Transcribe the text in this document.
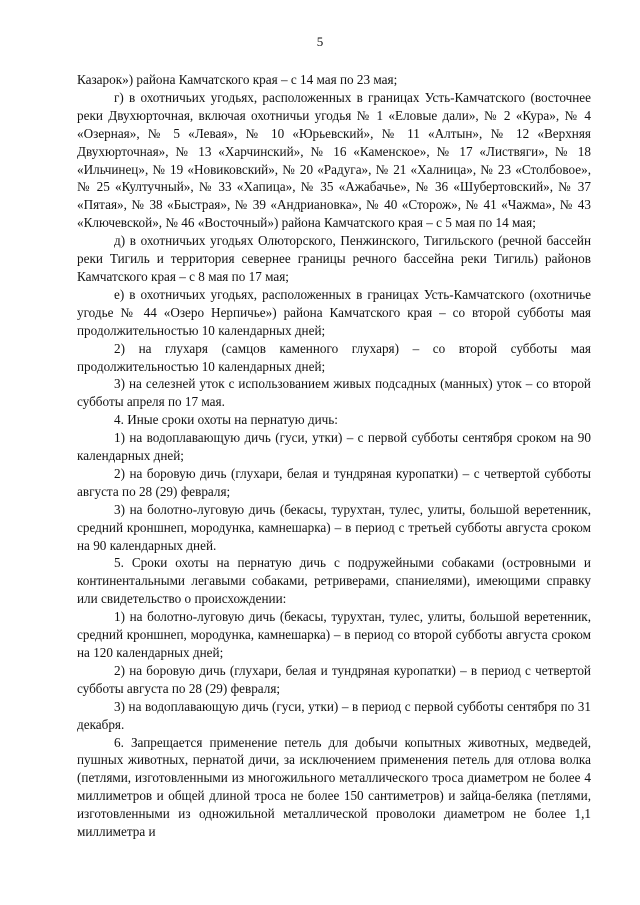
5

Казарок») района Камчатского края – с 14 мая по 23 мая;

г) в охотничьих угодьях, расположенных в границах Усть-Камчатского (восточнее реки Двухюрточная, включая охотничьи угодья № 1 «Еловые дали», № 2 «Кура», № 4 «Озерная», № 5 «Левая», № 10 «Юрьевский», № 11 «Алтын», № 12 «Верхняя Двухюрточная», № 13 «Харчинский», № 16 «Каменское», № 17 «Листвяги», № 18 «Ильчинец», № 19 «Новиковский», № 20 «Радуга», № 21 «Халница», № 23 «Столбовое», № 25 «Култучный», № 33 «Хапица», № 35 «Ажабачье», № 36 «Шубертовский», № 37 «Пятая», № 38 «Быстрая», № 39 «Андриановка», № 40 «Сторож», № 41 «Чажма», № 43 «Ключевской», № 46 «Восточный») района Камчатского края – с 5 мая по 14 мая;

д) в охотничьих угодьях Олюторского, Пенжинского, Тигильского (речной бассейн реки Тигиль и территория севернее границы речного бассейна реки Тигиль) районов Камчатского края – с 8 мая по 17 мая;

е) в охотничьих угодьях, расположенных в границах Усть-Камчатского (охотничье угодье № 44 «Озеро Нерпичье») района Камчатского края – со второй субботы мая продолжительностью 10 календарных дней;

2) на глухаря (самцов каменного глухаря) – со второй субботы мая продолжительностью 10 календарных дней;

3) на селезней уток с использованием живых подсадных (манных) уток – со второй субботы апреля по 17 мая.

4. Иные сроки охоты на пернатую дичь:

1) на водоплавающую дичь (гуси, утки) – с первой субботы сентября сроком на 90 календарных дней;

2) на боровую дичь (глухари, белая и тундряная куропатки) – с четвертой субботы августа по 28 (29) февраля;

3) на болотно-луговую дичь (бекасы, турухтан, тулес, улиты, большой веретенник, средний кроншнеп, мородунка, камнешарка) – в период с третьей субботы августа сроком на 90 календарных дней.

5. Сроки охоты на пернатую дичь с подружейными собаками (островными и континентальными легавыми собаками, ретриверами, спаниелями), имеющими справку или свидетельство о происхождении:

1) на болотно-луговую дичь (бекасы, турухтан, тулес, улиты, большой веретенник, средний кроншнеп, мородунка, камнешарка) – в период со второй субботы августа сроком на 120 календарных дней;

2) на боровую дичь (глухари, белая и тундряная куропатки) – в период с четвертой субботы августа по 28 (29) февраля;

3) на водоплавающую дичь (гуси, утки) – в период с первой субботы сентября по 31 декабря.

6. Запрещается применение петель для добычи копытных животных, медведей, пушных животных, пернатой дичи, за исключением применения петель для отлова волка (петлями, изготовленными из многожильного металлического троса диаметром не более 4 миллиметров и общей длиной троса не более 150 сантиметров) и зайца-беляка (петлями, изготовленными из одножильной металлической проволоки диаметром не более 1,1 миллиметра и
